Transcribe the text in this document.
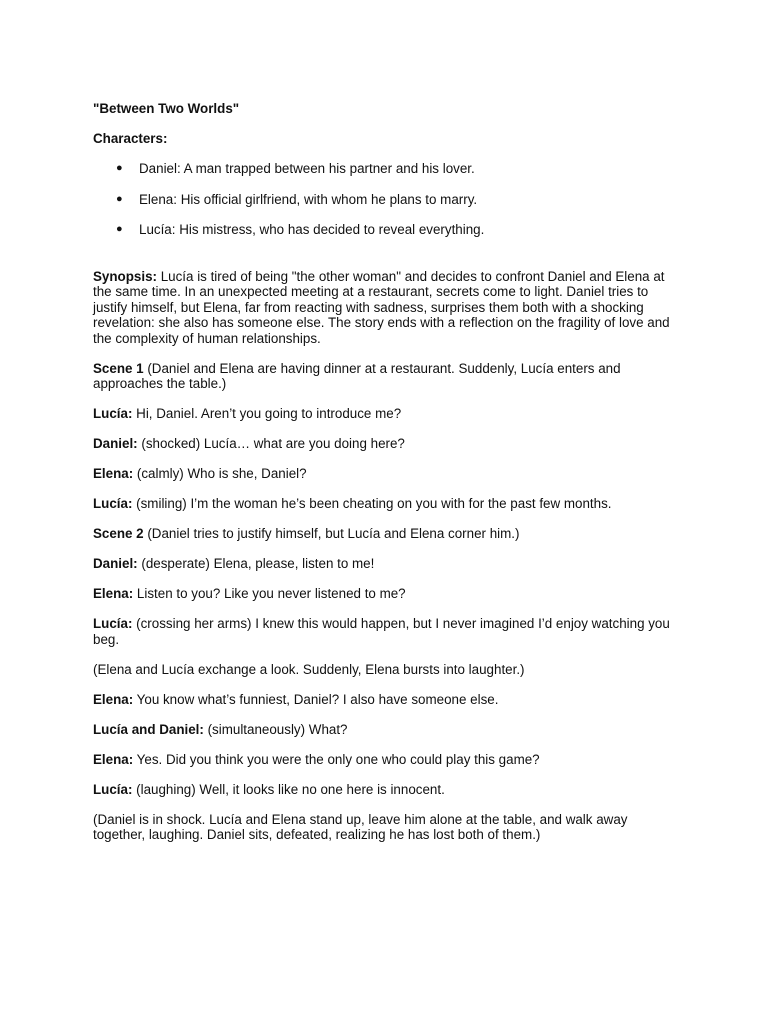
"Between Two Worlds"

Characters:

● Daniel: A man trapped between his partner and his lover.
● Elena: His official girlfriend, with whom he plans to marry.
● Lucía: His mistress, who has decided to reveal everything.

Synopsis: Lucía is tired of being "the other woman" and decides to confront Daniel and Elena at the same time. In an unexpected meeting at a restaurant, secrets come to light. Daniel tries to justify himself, but Elena, far from reacting with sadness, surprises them both with a shocking revelation: she also has someone else. The story ends with a reflection on the fragility of love and the complexity of human relationships.

Scene 1 (Daniel and Elena are having dinner at a restaurant. Suddenly, Lucía enters and approaches the table.)

Lucía: Hi, Daniel. Aren’t you going to introduce me?

Daniel: (shocked) Lucía… what are you doing here?

Elena: (calmly) Who is she, Daniel?

Lucía: (smiling) I’m the woman he’s been cheating on you with for the past few months.

Scene 2 (Daniel tries to justify himself, but Lucía and Elena corner him.)

Daniel: (desperate) Elena, please, listen to me!

Elena: Listen to you? Like you never listened to me?

Lucía: (crossing her arms) I knew this would happen, but I never imagined I’d enjoy watching you beg.

(Elena and Lucía exchange a look. Suddenly, Elena bursts into laughter.)

Elena: You know what’s funniest, Daniel? I also have someone else.

Lucía and Daniel: (simultaneously) What?

Elena: Yes. Did you think you were the only one who could play this game?

Lucía: (laughing) Well, it looks like no one here is innocent.

(Daniel is in shock. Lucía and Elena stand up, leave him alone at the table, and walk away together, laughing. Daniel sits, defeated, realizing he has lost both of them.)
